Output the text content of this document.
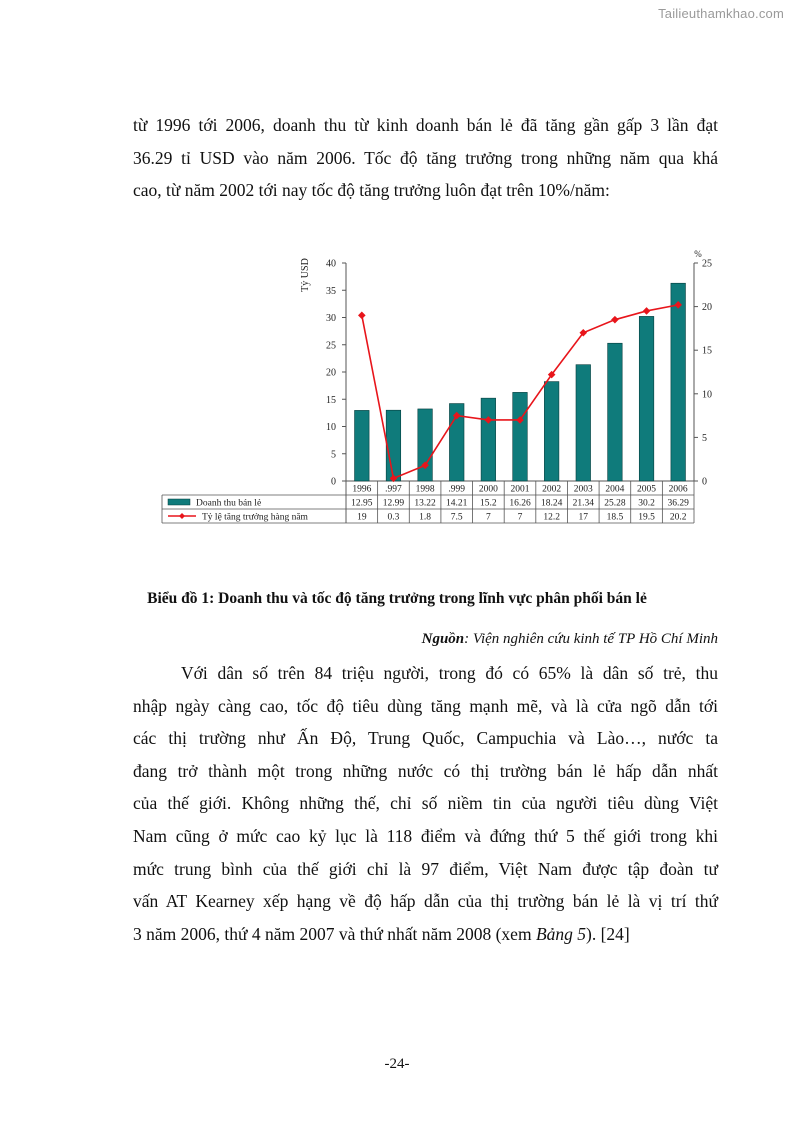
Tailieuthamkhao.com
từ 1996 tới 2006, doanh thu từ kinh doanh bán lẻ đã tăng gần gấp 3 lần đạt
36.29 tỉ USD vào năm 2006. Tốc độ tăng trưởng trong những năm qua khá
cao, từ năm 2002 tới nay tốc độ tăng trưởng luôn đạt trên 10%/năm:
0
5
10
15
20
25
30
35
40
0
5
10
15
20
25
Tỷ USD
%
1996 .997 1998 .999 2000 2001 2002 2003 2004 2005 2006
Doanh thu bán lẻ	12.95 12.99 13.22 14.21 15.2 16.26 18.24 21.34 25.28 30.2 36.29
Tỷ lệ tăng trưởng hàng năm	19 0.3 1.8 7.5 7	7 12.2 17 18.5 19.5 20.2
Biểu đồ 1: Doanh thu và tốc độ tăng trưởng trong lĩnh vực phân phối bán lẻ
Nguồn: Viện nghiên cứu kinh tế TP Hồ Chí Minh
Với dân số trên 84 triệu người, trong đó có 65% là dân số trẻ, thu
nhập ngày càng cao, tốc độ tiêu dùng tăng mạnh mẽ, và là cửa ngõ dẫn tới
các thị trường như Ấn Độ, Trung Quốc, Campuchia và Lào…, nước ta
đang trở thành một trong những nước có thị trường bán lẻ hấp dẫn nhất
của thế giới. Không những thế, chỉ số niềm tin của người tiêu dùng Việt
Nam cũng ở mức cao kỷ lục là 118 điểm và đứng thứ 5 thế giới trong khi
mức trung bình của thế giới chỉ là 97 điểm, Việt Nam được tập đoàn tư
vấn AT Kearney xếp hạng về độ hấp dẫn của thị trường bán lẻ là vị trí thứ
3 năm 2006, thứ 4 năm 2007 và thứ nhất năm 2008 (xem Bảng 5). [24]
-24-
